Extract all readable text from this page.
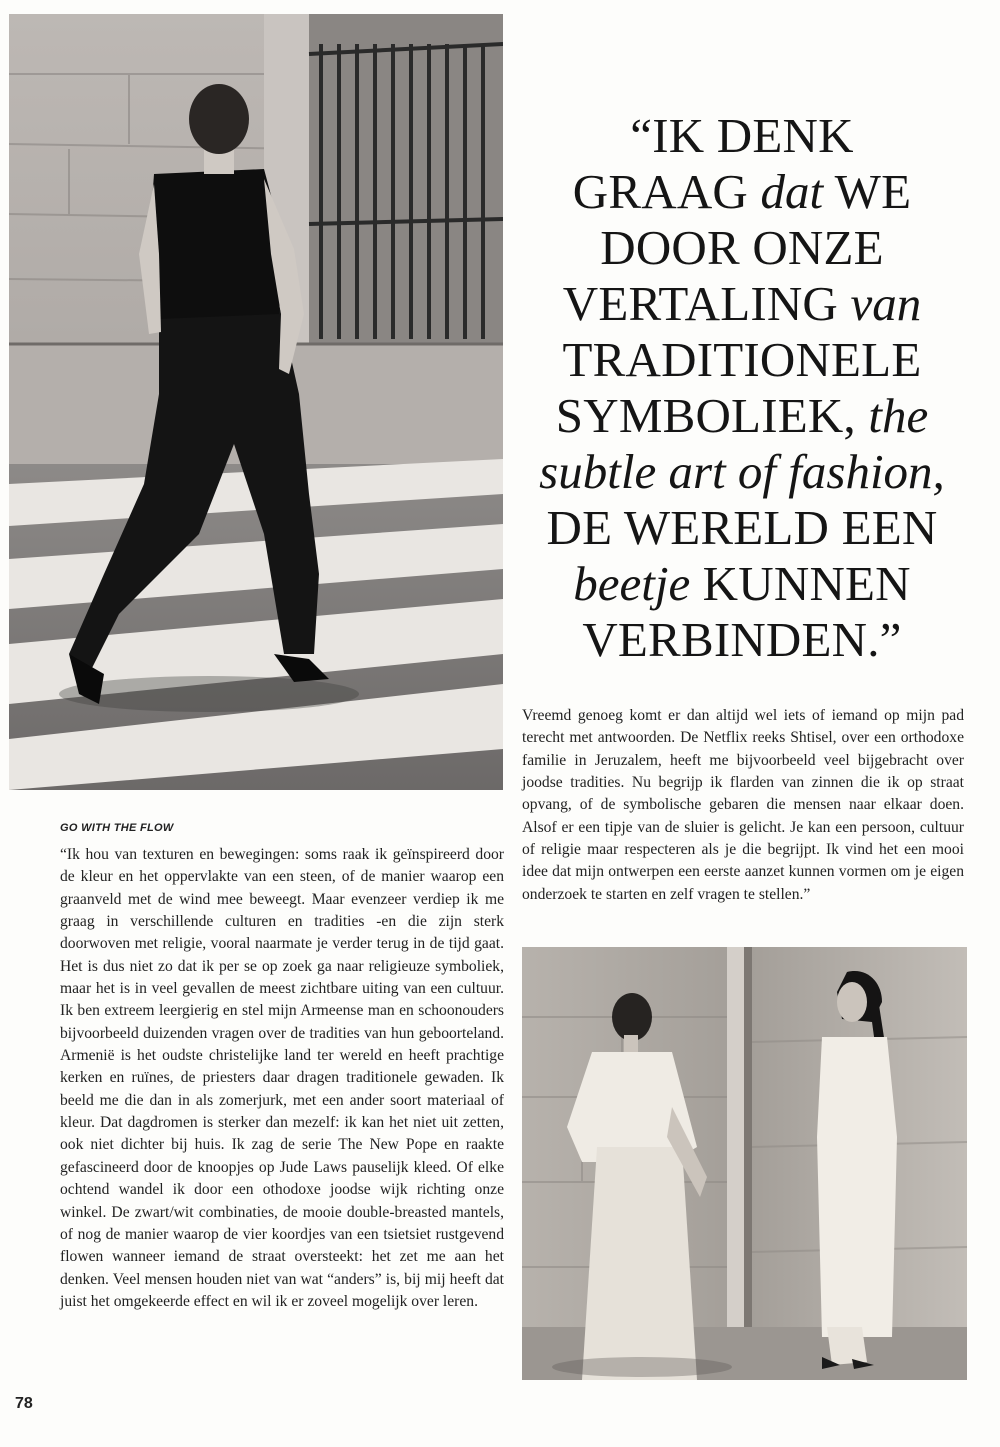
“IK DENK
GRAAG dat WE
DOOR ONZE
VERTALING van
TRADITIONELE
SYMBOLIEK, the
subtle art of fashion,
DE WERELD EEN
beetje KUNNEN
VERBINDEN.”
Vreemd genoeg komt er dan altijd wel iets of iemand op mijn pad terecht met antwoorden. De Netflix reeks Shtisel, over een orthodoxe familie in Jeruzalem, heeft me bijvoorbeeld veel bijgebracht over joodse tradities. Nu begrijp ik flarden van zinnen die ik op straat opvang, of de symbolische gebaren die mensen naar elkaar doen. Alsof er een tipje van de sluier is gelicht. Je kan een persoon, cultuur of religie maar respecteren als je die begrijpt. Ik vind het een mooi idee dat mijn ontwerpen een eerste aanzet kunnen vormen om je eigen onderzoek te starten en zelf vragen te stellen.”
GO WITH THE FLOW
“Ik hou van texturen en bewegingen: soms raak ik geïnspireerd door de kleur en het oppervlakte van een steen, of de manier waarop een graanveld met de wind mee beweegt. Maar evenzeer verdiep ik me graag in verschillende culturen en tradities -en die zijn sterk doorwoven met religie, vooral naarmate je verder terug in de tijd gaat. Het is dus niet zo dat ik per se op zoek ga naar religieuze symboliek, maar het is in veel gevallen de meest zichtbare uiting van een cultuur. Ik ben extreem leergierig en stel mijn Armeense man en schoonouders bijvoorbeeld duizenden vragen over de tradities van hun geboorteland. Armenië is het oudste christelijke land ter wereld en heeft prachtige kerken en ruïnes, de priesters daar dragen traditionele gewaden. Ik beeld me die dan in als zomerjurk, met een ander soort materiaal of kleur. Dat dagdromen is sterker dan mezelf: ik kan het niet uit zetten, ook niet dichter bij huis. Ik zag de serie The New Pope en raakte gefascineerd door de knoopjes op Jude Laws pauselijk kleed. Of elke ochtend wandel ik door een othodoxe joodse wijk richting onze winkel. De zwart/wit combinaties, de mooie double-breasted mantels, of nog de manier waarop de vier koordjes van een tsietsiet rustgevend flowen wanneer iemand de straat oversteekt: het zet me aan het denken. Veel mensen houden niet van wat “anders” is, bij mij heeft dat juist het omgekeerde effect en wil ik er zoveel mogelijk over leren.
78
